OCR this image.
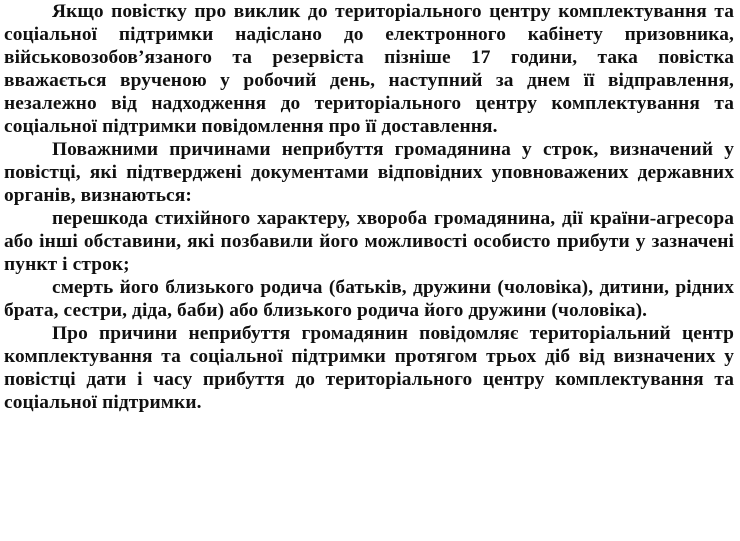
Якщо повістку про виклик до територіального центру комплектування та соціальної підтримки надіслано до електронного кабінету призовника, військовозобов’язаного та резервіста пізніше 17 години, така повістка вважається врученою у робочий день, наступний за днем її відправлення, незалежно від надходження до територіального центру комплектування та соціальної підтримки повідомлення про її доставлення.

Поважними причинами неприбуття громадянина у строк, визначений у повістці, які підтверджені документами відповідних уповноважених державних органів, визнаються:

перешкода стихійного характеру, хвороба громадянина, дії країни-агресора або інші обставини, які позбавили його можливості особисто прибути у зазначені пункт і строк;

смерть його близького родича (батьків, дружини (чоловіка), дитини, рідних брата, сестри, діда, баби) або близького родича його дружини (чоловіка).

Про причини неприбуття громадянин повідомляє територіальний центр комплектування та соціальної підтримки протягом трьох діб від визначених у повістці дати і часу прибуття до територіального центру комплектування та соціальної підтримки.
